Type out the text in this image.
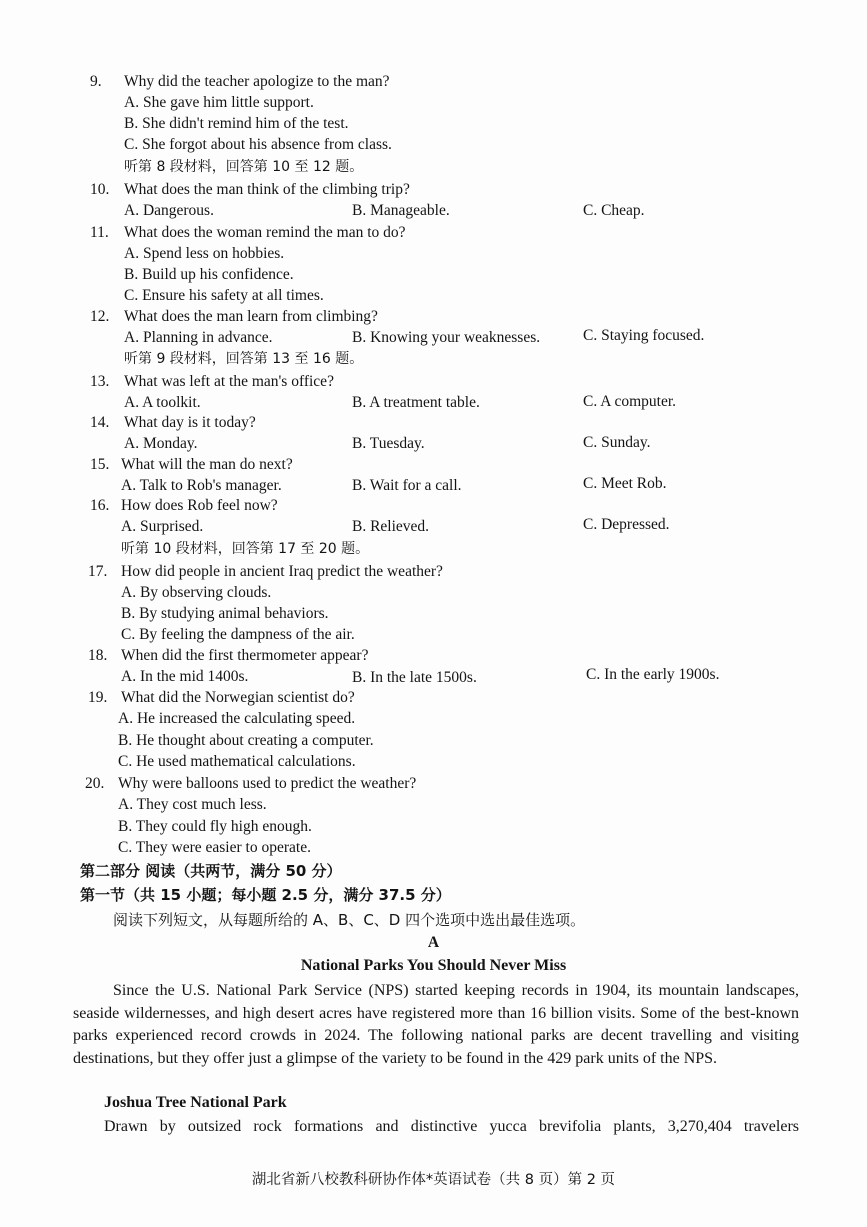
9. Why did the teacher apologize to the man?
A. She gave him little support.
B. She didn't remind him of the test.
C. She forgot about his absence from class.
听第 8 段材料，回答第 10 至 12 题。
10. What does the man think of the climbing trip?
A. Dangerous.	B. Manageable.	C. Cheap.
11. What does the woman remind the man to do?
A. Spend less on hobbies.
B. Build up his confidence.
C. Ensure his safety at all times.
12. What does the man learn from climbing?
A. Planning in advance.	B. Knowing your weaknesses.	C. Staying focused.
听第 9 段材料，回答第 13 至 16 题。
13. What was left at the man's office?
A. A toolkit.	B. A treatment table.	C. A computer.
14. What day is it today?
A. Monday.	B. Tuesday.	C. Sunday.
15. What will the man do next?
A. Talk to Rob's manager.	B. Wait for a call.	C. Meet Rob.
16. How does Rob feel now?
A. Surprised.	B. Relieved.	C. Depressed.
听第 10 段材料，回答第 17 至 20 题。
17. How did people in ancient Iraq predict the weather?
A. By observing clouds.
B. By studying animal behaviors.
C. By feeling the dampness of the air.
18. When did the first thermometer appear?
A. In the mid 1400s.	B. In the late 1500s.	C. In the early 1900s.
19. What did the Norwegian scientist do?
A. He increased the calculating speed.
B. He thought about creating a computer.
C. He used mathematical calculations.
20. Why were balloons used to predict the weather?
A. They cost much less.
B. They could fly high enough.
C. They were easier to operate.
第二部分 阅读（共两节，满分 50 分）
第一节（共 15 小题；每小题 2.5 分，满分 37.5 分）
阅读下列短文，从每题所给的 A、B、C、D 四个选项中选出最佳选项。
A
National Parks You Should Never Miss
Since the U.S. National Park Service (NPS) started keeping records in 1904, its mountain landscapes, seaside wildernesses, and high desert acres have registered more than 16 billion visits. Some of the best-known parks experienced record crowds in 2024. The following national parks are decent travelling and visiting destinations, but they offer just a glimpse of the variety to be found in the 429 park units of the NPS.
Joshua Tree National Park
Drawn by outsized rock formations and distinctive yucca brevifolia plants, 3,270,404 travelers
湖北省新八校教科研协作体*英语试卷（共 8 页）第 2 页
